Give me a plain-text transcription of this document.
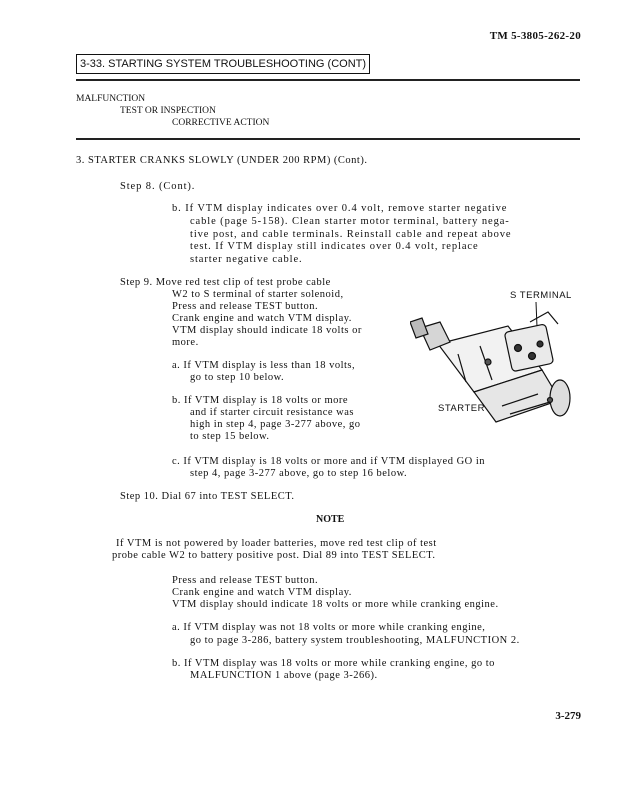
TM 5-3805-262-20
3-33. STARTING SYSTEM TROUBLESHOOTING (CONT)
MALFUNCTION
TEST OR INSPECTION
CORRECTIVE ACTION
3. STARTER CRANKS SLOWLY (UNDER 200 RPM) (Cont).
Step 8. (Cont).
b. If VTM display indicates over 0.4 volt, remove starter negative
cable (page 5-158). Clean starter motor terminal, battery nega-
tive post, and cable terminals. Reinstall cable and repeat above
test. If VTM display still indicates over 0.4 volt, replace
starter negative cable.
Step 9. Move red test clip of test probe cable
W2 to S terminal of starter solenoid,
Press and release TEST button.
Crank engine and watch VTM display.
VTM display should indicate 18 volts or
more.
a. If VTM display is less than 18 volts,
go to step 10 below.
b. If VTM display is 18 volts or more
and if starter circuit resistance was
high in step 4, page 3-277 above, go
to step 15 below.
c. If VTM display is 18 volts or more and if VTM displayed GO in
step 4, page 3-277 above, go to step 16 below.
S TERMINAL
STARTER
Step 10. Dial 67 into TEST SELECT.
NOTE
If VTM is not powered by loader batteries, move red test clip of test
probe cable W2 to battery positive post. Dial 89 into TEST SELECT.
Press and release TEST button.
Crank engine and watch VTM display.
VTM display should indicate 18 volts or more while cranking engine.
a. If VTM display was not 18 volts or more while cranking engine,
go to page 3-286, battery system troubleshooting, MALFUNCTION 2.
b. If VTM display was 18 volts or more while cranking engine, go to
MALFUNCTION 1 above (page 3-266).
3-279
